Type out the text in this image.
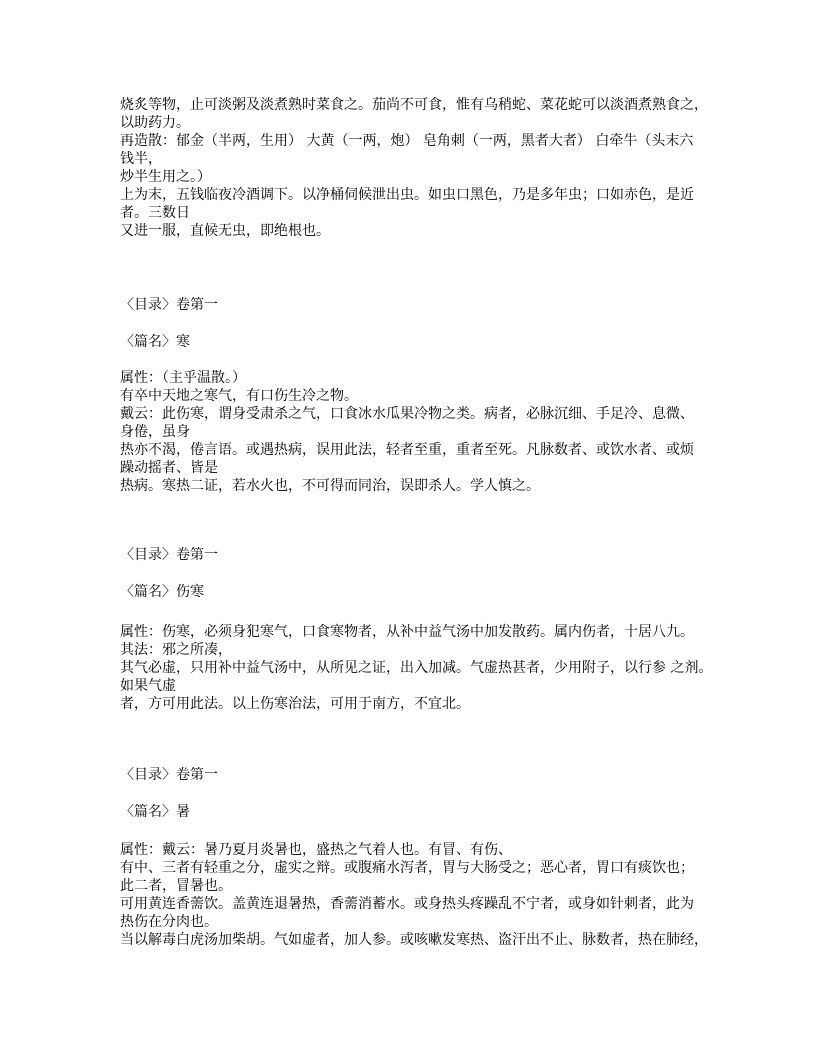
烧炙等物，止可淡粥及淡煮熟时菜食之。茄尚不可食，惟有乌稍蛇、菜花蛇可以淡酒煮熟食之，
以助药力。
再造散：郁金（半两，生用） 大黄（一两，炮） 皂角刺（一两，黑者大者） 白牵牛（头末六
钱半，
炒半生用之。）
上为末，五钱临夜冷酒调下。以净桶伺候泄出虫。如虫口黑色，乃是多年虫；口如赤色，是近
者。三数日
又进一服，直候无虫，即绝根也。
〈目录〉卷第一
〈篇名〉寒
属性：（主乎温散。）
有卒中天地之寒气，有口伤生冷之物。
戴云：此伤寒，谓身受肃杀之气，口食冰水瓜果冷物之类。病者，必脉沉细、手足冷、息微、
身倦，虽身
热亦不渴，倦言语。或遇热病，误用此法，轻者至重，重者至死。凡脉数者、或饮水者、或烦
躁动摇者、皆是
热病。寒热二证，若水火也，不可得而同治，误即杀人。学人慎之。
〈目录〉卷第一
〈篇名〉伤寒
属性：伤寒，必须身犯寒气，口食寒物者，从补中益气汤中加发散药。属内伤者，十居八九。
其法：邪之所凑，
其气必虚，只用补中益气汤中，从所见之证，出入加减。气虚热甚者，少用附子，以行参 之剂。
如果气虚
者，方可用此法。以上伤寒治法，可用于南方，不宜北。
〈目录〉卷第一
〈篇名〉暑
属性：戴云：暑乃夏月炎暑也，盛热之气着人也。有冒、有伤、
有中、三者有轻重之分，虚实之辩。或腹痛水泻者，胃与大肠受之；恶心者，胃口有痰饮也；
此二者，冒暑也。
可用黄连香薷饮。盖黄连退暑热，香薷消蓄水。或身热头疼躁乱不宁者，或身如针刺者，此为
热伤在分肉也。
当以解毒白虎汤加柴胡。气如虚者，加人参。或咳嗽发寒热、盗汗出不止、脉数者，热在肺经，
